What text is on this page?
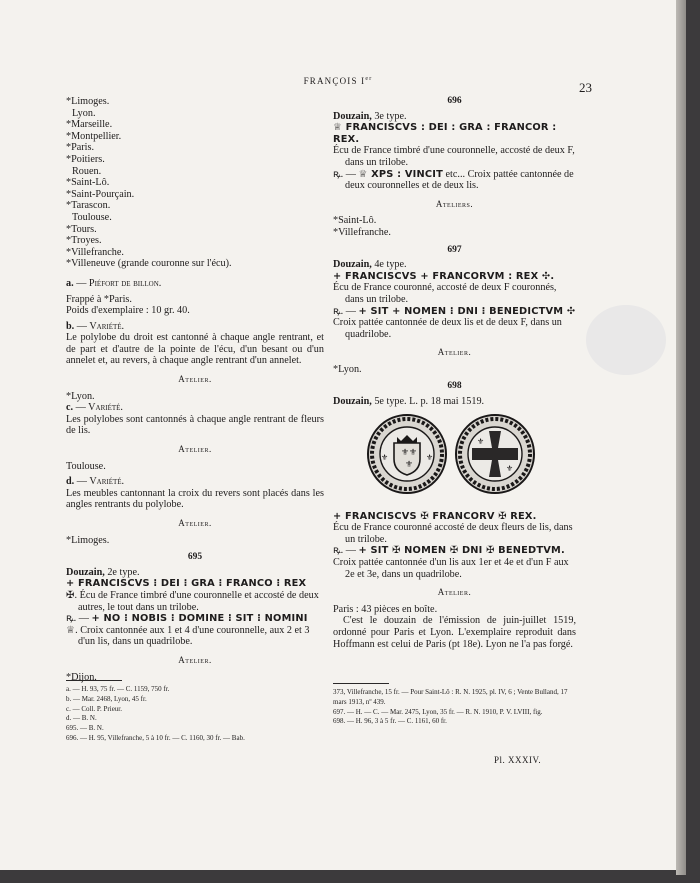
FRANÇOIS Ier
23
*Limoges.
Lyon.
*Marseille.
*Montpellier.
*Paris.
*Poitiers.
Rouen.
*Saint-Lô.
*Saint-Pourçain.
*Tarascon.
Toulouse.
*Tours.
*Troyes.
*Villefranche.
*Villeneuve (grande couronne sur l'écu).
a. — Piéfort de billon.
Frappé à *Paris.
Poids d'exemplaire : 10 gr. 40.
b. — Variété.
Le polylobe du droit est cantonné à chaque angle rentrant, et de part et d'autre de la pointe de l'écu, d'un besant ou d'un annelet et, au revers, à chaque angle rentrant d'un annelet.
Atelier.
*Lyon.
c. — Variété.
Les polylobes sont cantonnés à chaque angle rentrant de fleurs de lis.
Atelier.
Toulouse.
d. — Variété.
Les meubles cantonnant la croix du revers sont placés dans les angles rentrants du polylobe.
Atelier.
*Limoges.
695
Douzain, 2e type.
+ FRANCISCVS ⁝ DEI ⁝ GRA ⁝ FRANCO ⁝ REX
✠. Écu de France timbré d'une couronnelle et accosté de deux autres, le tout dans un trilobe.
ꝶ. — + NO ⁝ NOBIS ⁝ DOMINE ⁝ SIT ⁝ NOMINI
♕. Croix cantonnée aux 1 et 4 d'une couronnelle, aux 2 et 3 d'un lis, dans un quadrilobe.
Atelier.
*Dijon.
a. — H. 93, 75 fr. — C. 1159, 750 fr.
b. — Mar. 2468, Lyon, 45 fr.
c. — Coll. P. Prieur.
d. — B. N.
695. — B. N.
696. — H. 95, Villefranche, 5 à 10 fr. — C. 1160, 30 fr. — Bab.
696
Douzain, 3e type.
♕ FRANCISCVS : DEI : GRA : FRANCOR : REX.
Écu de France timbré d'une couronnelle, accosté de deux F, dans un trilobe.
ꝶ. — ♕ XPS : VINCIT etc... Croix pattée cantonnée de deux couronnelles et de deux lis.
Ateliers.
*Saint-Lô.
*Villefranche.
697
Douzain, 4e type.
+ FRANCISCVS + FRANCORVM : REX ✣.
Écu de France couronné, accosté de deux F couronnés, dans un trilobe.
ꝶ. — + SIT + NOMEN ⁝ DNI ⁝ BENEDICTVM ✣
Croix pattée cantonnée de deux lis et de deux F, dans un quadrilobe.
Atelier.
*Lyon.
698
Douzain, 5e type. L. p. 18 mai 1519.
+ FRANCISCVS ✠ FRANCORV ✠ REX.
Écu de France couronné accosté de deux fleurs de lis, dans un trilobe.
ꝶ. — + SIT ✠ NOMEN ✠ DNI ✠ BENEDTVM.
Croix pattée cantonnée d'un lis aux 1er et 4e et d'un F aux 2e et 3e, dans un quadrilobe.
Atelier.
Paris : 43 pièces en boîte.
C'est le douzain de l'émission de juin-juillet 1519, ordonné pour Paris et Lyon. L'exemplaire reproduit dans Hoffmann est celui de Paris (pt 18e). Lyon ne l'a pas forgé.
⚜ ⚜
⚜
⚜	⚜
⚜
⚜
373, Villefranche, 15 fr. — Pour Saint-Lô : R. N. 1925, pl. IV, 6 ; Vente Bulland, 17 mars 1913, nº 439.
697. — H. — C. — Mar. 2475, Lyon, 35 fr. — R. N. 1910, P. V. LVIII, fig.
698. — H. 96, 3 à 5 fr. — C. 1161, 60 fr.
Pl. XXXIV.
